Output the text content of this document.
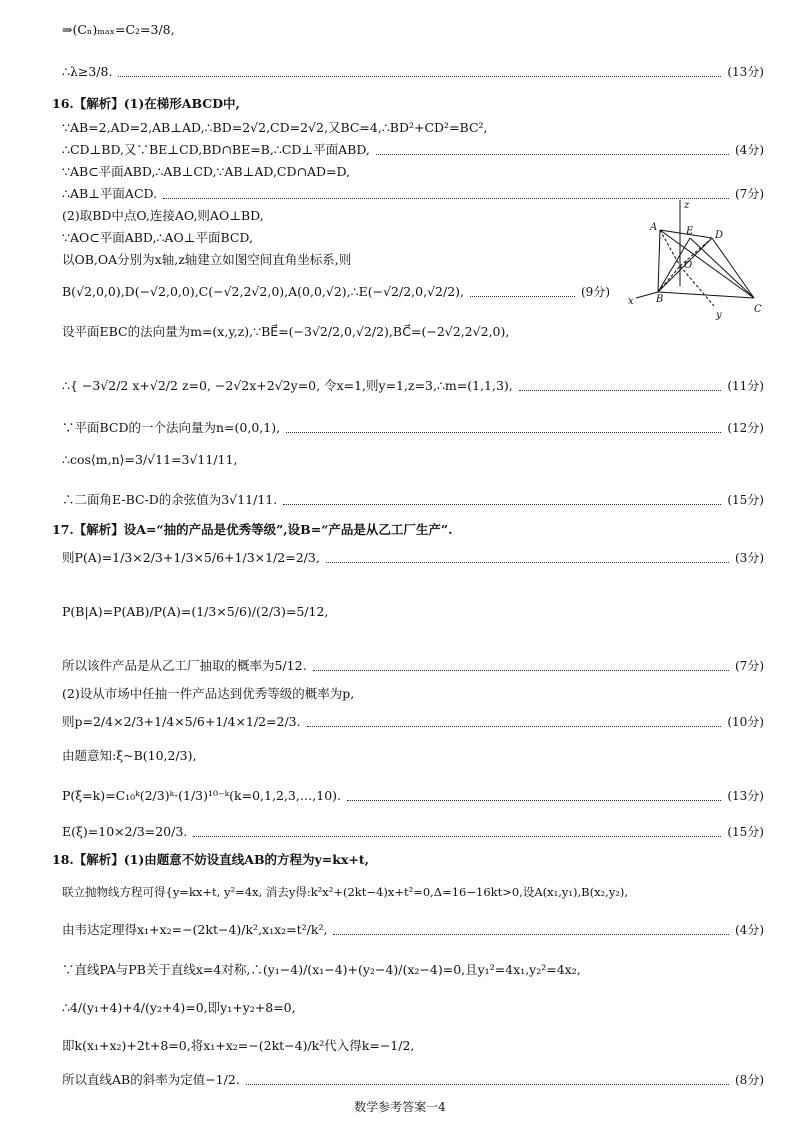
⇒(Cₙ)ₘₐₓ=C₂=3/8,
∴λ≥3/8.	(13分)
16.【解析】(1)在梯形ABCD中,
∵AB=2,AD=2,AB⊥AD,∴BD=2√2,CD=2√2,又BC=4,∴BD²+CD²=BC²,
∴CD⊥BD,又∵BE⊥CD,BD∩BE=B,∴CD⊥平面ABD,	(4分)
∵AB⊂平面ABD,∴AB⊥CD,∵AB⊥AD,CD∩AD=D,
∴AB⊥平面ACD.	(7分)
(2)取BD中点O,连接AO,则AO⊥BD,
∵AO⊂平面ABD,∴AO⊥平面BCD,
以OB,OA分别为x轴,z轴建立如图空间直角坐标系,则
B(√2,0,0),D(−√2,0,0),C(−√2,2√2,0),A(0,0,√2),∴E(−√2/2,0,√2/2),	(9分)
设平面EBC的法向量为m=(x,y,z),∵BE⃗=(−3√2/2,0,√2/2),BC⃗=(−2√2,2√2,0),
∴{ −3√2/2 x+√2/2 z=0, −2√2x+2√2y=0, 令x=1,则y=1,z=3,∴m=(1,1,3),	(11分)
∵平面BCD的一个法向量为n=(0,0,1),	(12分)
∴cos⟨m,n⟩=3/√11=3√11/11,
∴二面角E-BC-D的余弦值为3√11/11.	(15分)
17.【解析】设A=“抽的产品是优秀等级”,设B=“产品是从乙工厂生产”.
则P(A)=1/3×2/3+1/3×5/6+1/3×1/2=2/3,	(3分)
P(B|A)=P(AB)/P(A)=(1/3×5/6)/(2/3)=5/12,
所以该件产品是从乙工厂抽取的概率为5/12.	(7分)
(2)设从市场中任抽一件产品达到优秀等级的概率为p,
则p=2/4×2/3+1/4×5/6+1/4×1/2=2/3.	(10分)
由题意知:ξ~B(10,2/3),
P(ξ=k)=C₁₀ᵏ(2/3)ᵏ·(1/3)¹⁰⁻ᵏ(k=0,1,2,3,…,10).	(13分)
E(ξ)=10×2/3=20/3.	(15分)
18.【解析】(1)由题意不妨设直线AB的方程为y=kx+t,
联立抛物线方程可得{y=kx+t, y²=4x, 消去y得:k²x²+(2kt−4)x+t²=0,Δ=16−16kt>0,设A(x₁,y₁),B(x₂,y₂),
由韦达定理得x₁+x₂=−(2kt−4)/k²,x₁x₂=t²/k²,	(4分)
∵直线PA与PB关于直线x=4对称,∴(y₁−4)/(x₁−4)+(y₂−4)/(x₂−4)=0,且y₁²=4x₁,y₂²=4x₂,
∴4/(y₁+4)+4/(y₂+4)=0,即y₁+y₂+8=0,
即k(x₁+x₂)+2t+8=0,将x₁+x₂=−(2kt−4)/k²代入得k=−1/2,
所以直线AB的斜率为定值−1/2.	(8分)
z
A	E D
O
B
C
x
y
数学参考答案一4
